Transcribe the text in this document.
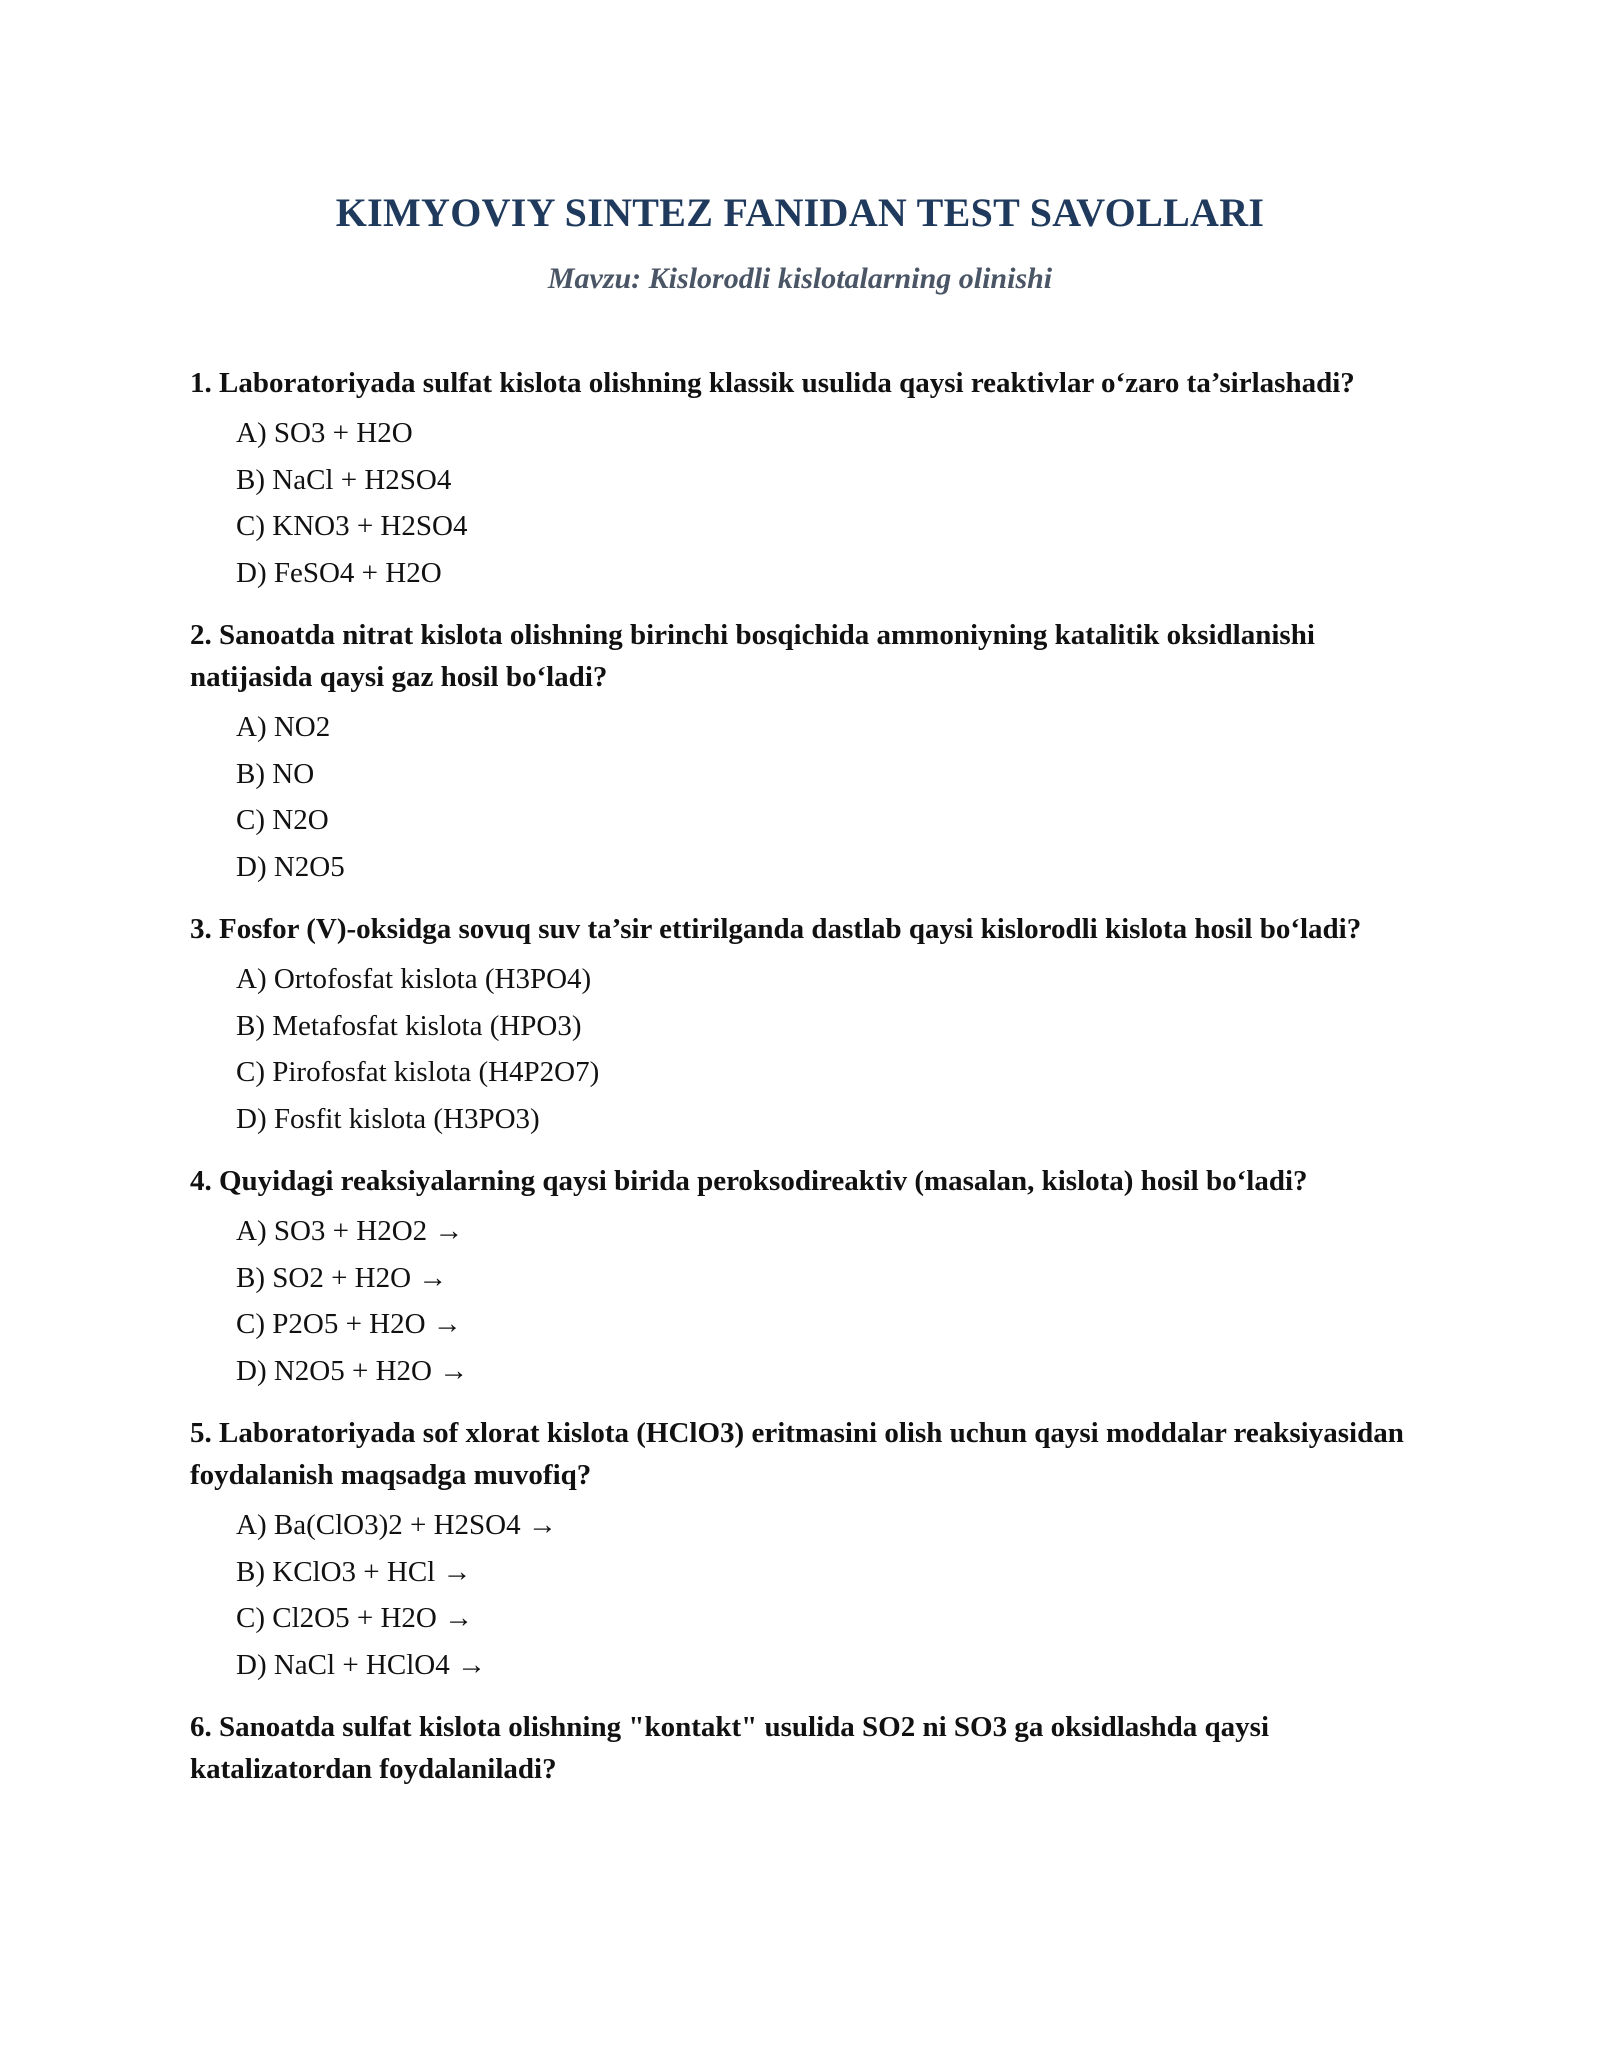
KIMYOVIY SINTEZ FANIDAN TEST SAVOLLARI
Mavzu: Kislorodli kislotalarning olinishi
1. Laboratoriyada sulfat kislota olishning klassik usulida qaysi reaktivlar o‘zaro ta’sirlashadi?
A) SO3 + H2O
B) NaCl + H2SO4
C) KNO3 + H2SO4
D) FeSO4 + H2O
2. Sanoatda nitrat kislota olishning birinchi bosqichida ammoniyning katalitik oksidlanishi natijasida qaysi gaz hosil bo‘ladi?
A) NO2
B) NO
C) N2O
D) N2O5
3. Fosfor (V)-oksidga sovuq suv ta’sir ettirilganda dastlab qaysi kislorodli kislota hosil bo‘ladi?
A) Ortofosfat kislota (H3PO4)
B) Metafosfat kislota (HPO3)
C) Pirofosfat kislota (H4P2O7)
D) Fosfit kislota (H3PO3)
4. Quyidagi reaksiyalarning qaysi birida peroksodireaktiv (masalan, kislota) hosil bo‘ladi?
A) SO3 + H2O2 →
B) SO2 + H2O →
C) P2O5 + H2O →
D) N2O5 + H2O →
5. Laboratoriyada sof xlorat kislota (HClO3) eritmasini olish uchun qaysi moddalar reaksiyasidan foydalanish maqsadga muvofiq?
A) Ba(ClO3)2 + H2SO4 →
B) KClO3 + HCl →
C) Cl2O5 + H2O →
D) NaCl + HClO4 →
6. Sanoatda sulfat kislota olishning "kontakt" usulida SO2 ni SO3 ga oksidlashda qaysi katalizatordan foydalaniladi?
